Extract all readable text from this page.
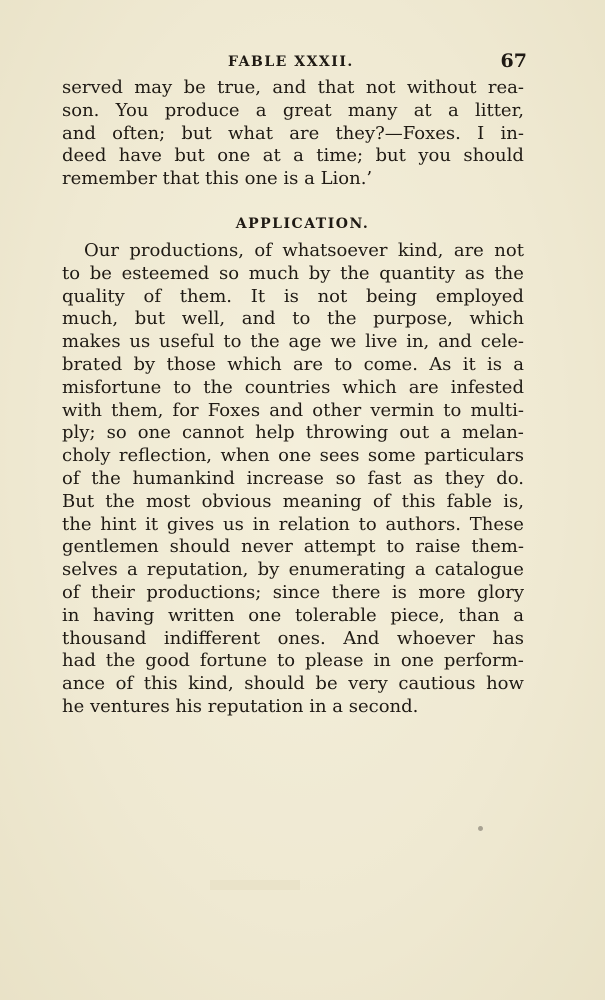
FABLE XXXII.	67
served may be true, and that not without rea-
son. You produce a great many at a litter,
and often; but what are they?—Foxes. I in-
deed have but one at a time; but you should
remember that this one is a Lion.’
APPLICATION.
Our productions, of whatsoever kind, are not
to be esteemed so much by the quantity as the
quality of them. It is not being employed
much, but well, and to the purpose, which
makes us useful to the age we live in, and cele-
brated by those which are to come. As it is a
misfortune to the countries which are infested
with them, for Foxes and other vermin to multi-
ply; so one cannot help throwing out a melan-
choly reflection, when one sees some particulars
of the humankind increase so fast as they do.
But the most obvious meaning of this fable is,
the hint it gives us in relation to authors. These
gentlemen should never attempt to raise them-
selves a reputation, by enumerating a catalogue
of their productions; since there is more glory
in having written one tolerable piece, than a
thousand indifferent ones. And whoever has
had the good fortune to please in one perform-
ance of this kind, should be very cautious how
he ventures his reputation in a second.
